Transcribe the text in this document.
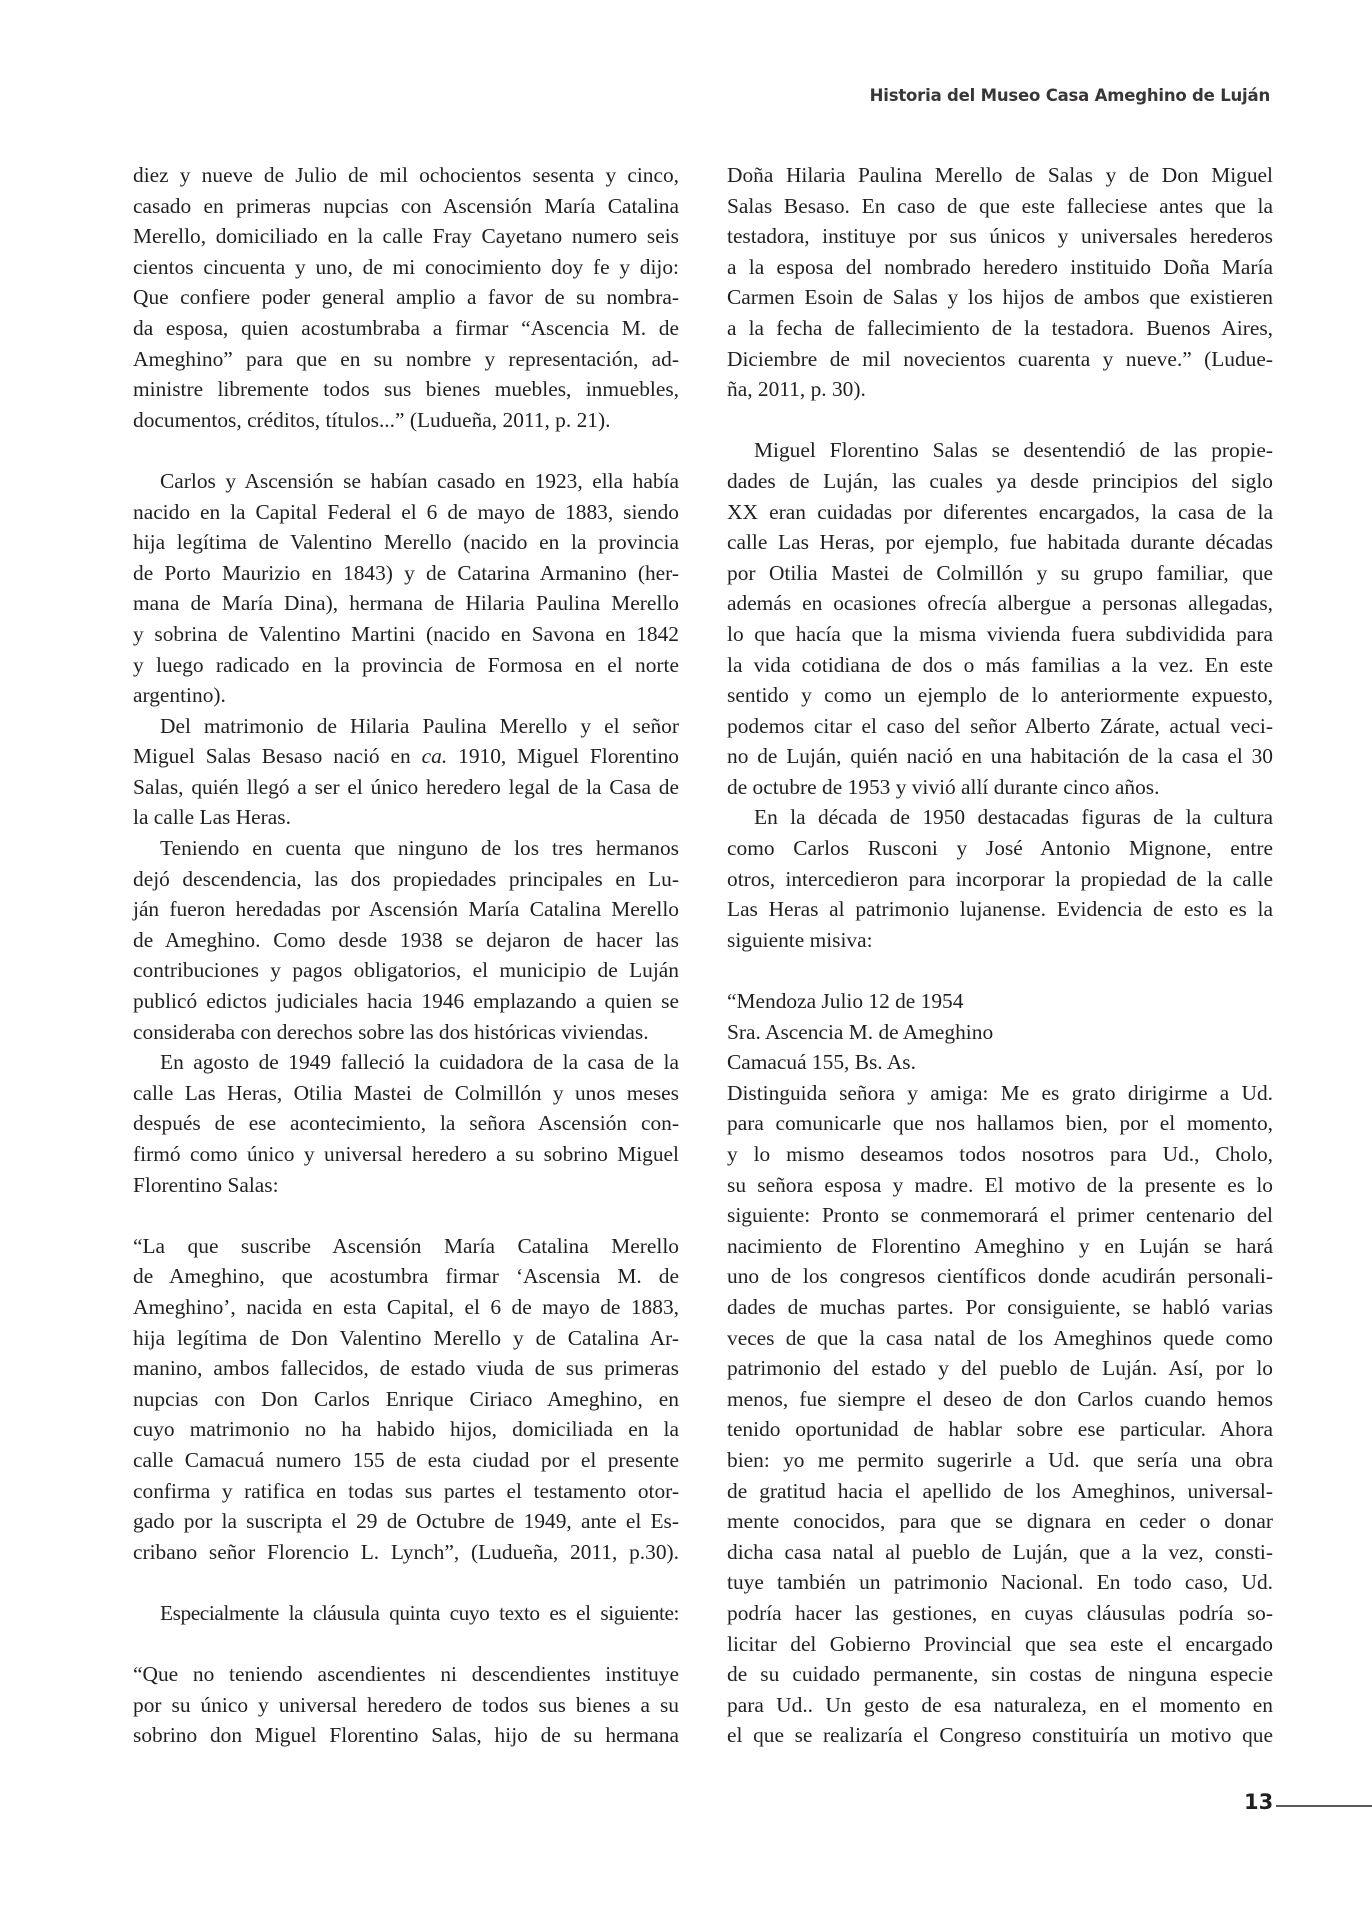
Historia del Museo Casa Ameghino de Luján
diez y nueve de Julio de mil ochocientos sesenta y cinco,
casado en primeras nupcias con Ascensión María Catalina
Merello, domiciliado en la calle Fray Cayetano numero seis
cientos cincuenta y uno, de mi conocimiento doy fe y dijo:
Que confiere poder general amplio a favor de su nombra-
da esposa, quien acostumbraba a firmar “Ascencia M. de
Ameghino” para que en su nombre y representación, ad-
ministre libremente todos sus bienes muebles, inmuebles,
documentos, créditos, títulos...” (Ludueña, 2011, p. 21).
Carlos y Ascensión se habían casado en 1923, ella había
nacido en la Capital Federal el 6 de mayo de 1883, siendo
hija legítima de Valentino Merello (nacido en la provincia
de Porto Maurizio en 1843) y de Catarina Armanino (her-
mana de María Dina), hermana de Hilaria Paulina Merello
y sobrina de Valentino Martini (nacido en Savona en 1842
y luego radicado en la provincia de Formosa en el norte
argentino).
Del matrimonio de Hilaria Paulina Merello y el señor
Miguel Salas Besaso nació en ca. 1910, Miguel Florentino
Salas, quién llegó a ser el único heredero legal de la Casa de
la calle Las Heras.
Teniendo en cuenta que ninguno de los tres hermanos
dejó descendencia, las dos propiedades principales en Lu-
ján fueron heredadas por Ascensión María Catalina Merello
de Ameghino. Como desde 1938 se dejaron de hacer las
contribuciones y pagos obligatorios, el municipio de Luján
publicó edictos judiciales hacia 1946 emplazando a quien se
consideraba con derechos sobre las dos históricas viviendas.
En agosto de 1949 falleció la cuidadora de la casa de la
calle Las Heras, Otilia Mastei de Colmillón y unos meses
después de ese acontecimiento, la señora Ascensión con-
firmó como único y universal heredero a su sobrino Miguel
Florentino Salas:
“La que suscribe Ascensión María Catalina Merello
de Ameghino, que acostumbra firmar ‘Ascensia M. de
Ameghino’, nacida en esta Capital, el 6 de mayo de 1883,
hija legítima de Don Valentino Merello y de Catalina Ar-
manino, ambos fallecidos, de estado viuda de sus primeras
nupcias con Don Carlos Enrique Ciriaco Ameghino, en
cuyo matrimonio no ha habido hijos, domiciliada en la
calle Camacuá numero 155 de esta ciudad por el presente
confirma y ratifica en todas sus partes el testamento otor-
gado por la suscripta el 29 de Octubre de 1949, ante el Es-
cribano señor Florencio L. Lynch”, (Ludueña, 2011, p.30).
Especialmente la cláusula quinta cuyo texto es el siguiente:
“Que no teniendo ascendientes ni descendientes instituye
por su único y universal heredero de todos sus bienes a su
sobrino don Miguel Florentino Salas, hijo de su hermana
Doña Hilaria Paulina Merello de Salas y de Don Miguel
Salas Besaso. En caso de que este falleciese antes que la
testadora, instituye por sus únicos y universales herederos
a la esposa del nombrado heredero instituido Doña María
Carmen Esoin de Salas y los hijos de ambos que existieren
a la fecha de fallecimiento de la testadora. Buenos Aires,
Diciembre de mil novecientos cuarenta y nueve.” (Ludue-
ña, 2011, p. 30).
Miguel Florentino Salas se desentendió de las propie-
dades de Luján, las cuales ya desde principios del siglo
XX eran cuidadas por diferentes encargados, la casa de la
calle Las Heras, por ejemplo, fue habitada durante décadas
por Otilia Mastei de Colmillón y su grupo familiar, que
además en ocasiones ofrecía albergue a personas allegadas,
lo que hacía que la misma vivienda fuera subdividida para
la vida cotidiana de dos o más familias a la vez. En este
sentido y como un ejemplo de lo anteriormente expuesto,
podemos citar el caso del señor Alberto Zárate, actual veci-
no de Luján, quién nació en una habitación de la casa el 30
de octubre de 1953 y vivió allí durante cinco años.
En la década de 1950 destacadas figuras de la cultura
como Carlos Rusconi y José Antonio Mignone, entre
otros, intercedieron para incorporar la propiedad de la calle
Las Heras al patrimonio lujanense. Evidencia de esto es la
siguiente misiva:
“Mendoza Julio 12 de 1954
Sra. Ascencia M. de Ameghino
Camacuá 155, Bs. As.
Distinguida señora y amiga: Me es grato dirigirme a Ud.
para comunicarle que nos hallamos bien, por el momento,
y lo mismo deseamos todos nosotros para Ud., Cholo,
su señora esposa y madre. El motivo de la presente es lo
siguiente: Pronto se conmemorará el primer centenario del
nacimiento de Florentino Ameghino y en Luján se hará
uno de los congresos científicos donde acudirán personali-
dades de muchas partes. Por consiguiente, se habló varias
veces de que la casa natal de los Ameghinos quede como
patrimonio del estado y del pueblo de Luján. Así, por lo
menos, fue siempre el deseo de don Carlos cuando hemos
tenido oportunidad de hablar sobre ese particular. Ahora
bien: yo me permito sugerirle a Ud. que sería una obra
de gratitud hacia el apellido de los Ameghinos, universal-
mente conocidos, para que se dignara en ceder o donar
dicha casa natal al pueblo de Luján, que a la vez, consti-
tuye también un patrimonio Nacional. En todo caso, Ud.
podría hacer las gestiones, en cuyas cláusulas podría so-
licitar del Gobierno Provincial que sea este el encargado
de su cuidado permanente, sin costas de ninguna especie
para Ud.. Un gesto de esa naturaleza, en el momento en
el que se realizaría el Congreso constituiría un motivo que
13
